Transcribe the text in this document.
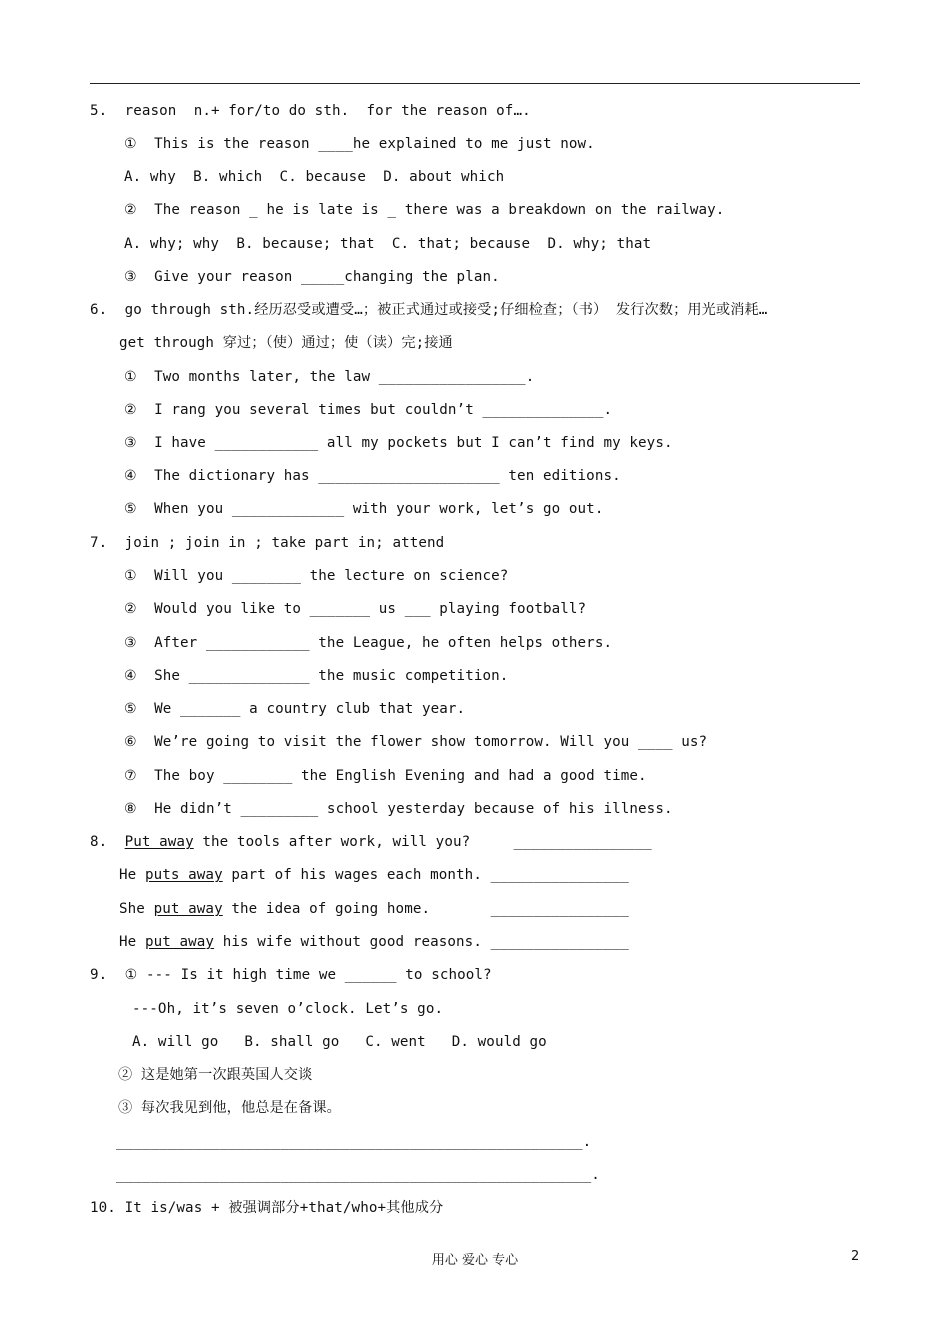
5.  reason  n.+ for/to do sth.  for the reason of….
①  This is the reason ____he explained to me just now.
A. why  B. which  C. because  D. about which
②  The reason _ he is late is _ there was a breakdown on the railway.
A. why; why  B. because; that  C. that; because  D. why; that
③  Give your reason _____changing the plan.
6.  go through sth.经历忍受或遭受…；被正式通过或接受;仔细检查；（书） 发行次数；用光或消耗…
get through 穿过；（使）通过；使（读）完;接通
①  Two months later, the law _________________.
②  I rang you several times but couldn’t ______________.
③  I have ____________ all my pockets but I can’t find my keys.
④  The dictionary has _____________________ ten editions.
⑤  When you _____________ with your work, let’s go out.
7.  join ; join in ; take part in; attend
①  Will you ________ the lecture on science?
②  Would you like to _______ us ___ playing football?
③  After ____________ the League, he often helps others.
④  She ______________ the music competition.
⑤  We _______ a country club that year.
⑥  We’re going to visit the flower show tomorrow. Will you ____ us?
⑦  The boy ________ the English Evening and had a good time.
⑧  He didn’t _________ school yesterday because of his illness.
8.  Put away the tools after work, will you?     ________________
He puts away part of his wages each month. ________________
She put away the idea of going home.       ________________
He put away his wife without good reasons. ________________
9.  ① --- Is it high time we ______ to school?
---Oh, it’s seven o’clock. Let’s go.
A. will go   B. shall go   C. went   D. would go
② 这是她第一次跟英国人交谈
③ 每次我见到他，他总是在备课。
______________________________________________________.
_______________________________________________________.
10. It is/was + 被强调部分+that/who+其他成分
用心 爱心 专心	2
